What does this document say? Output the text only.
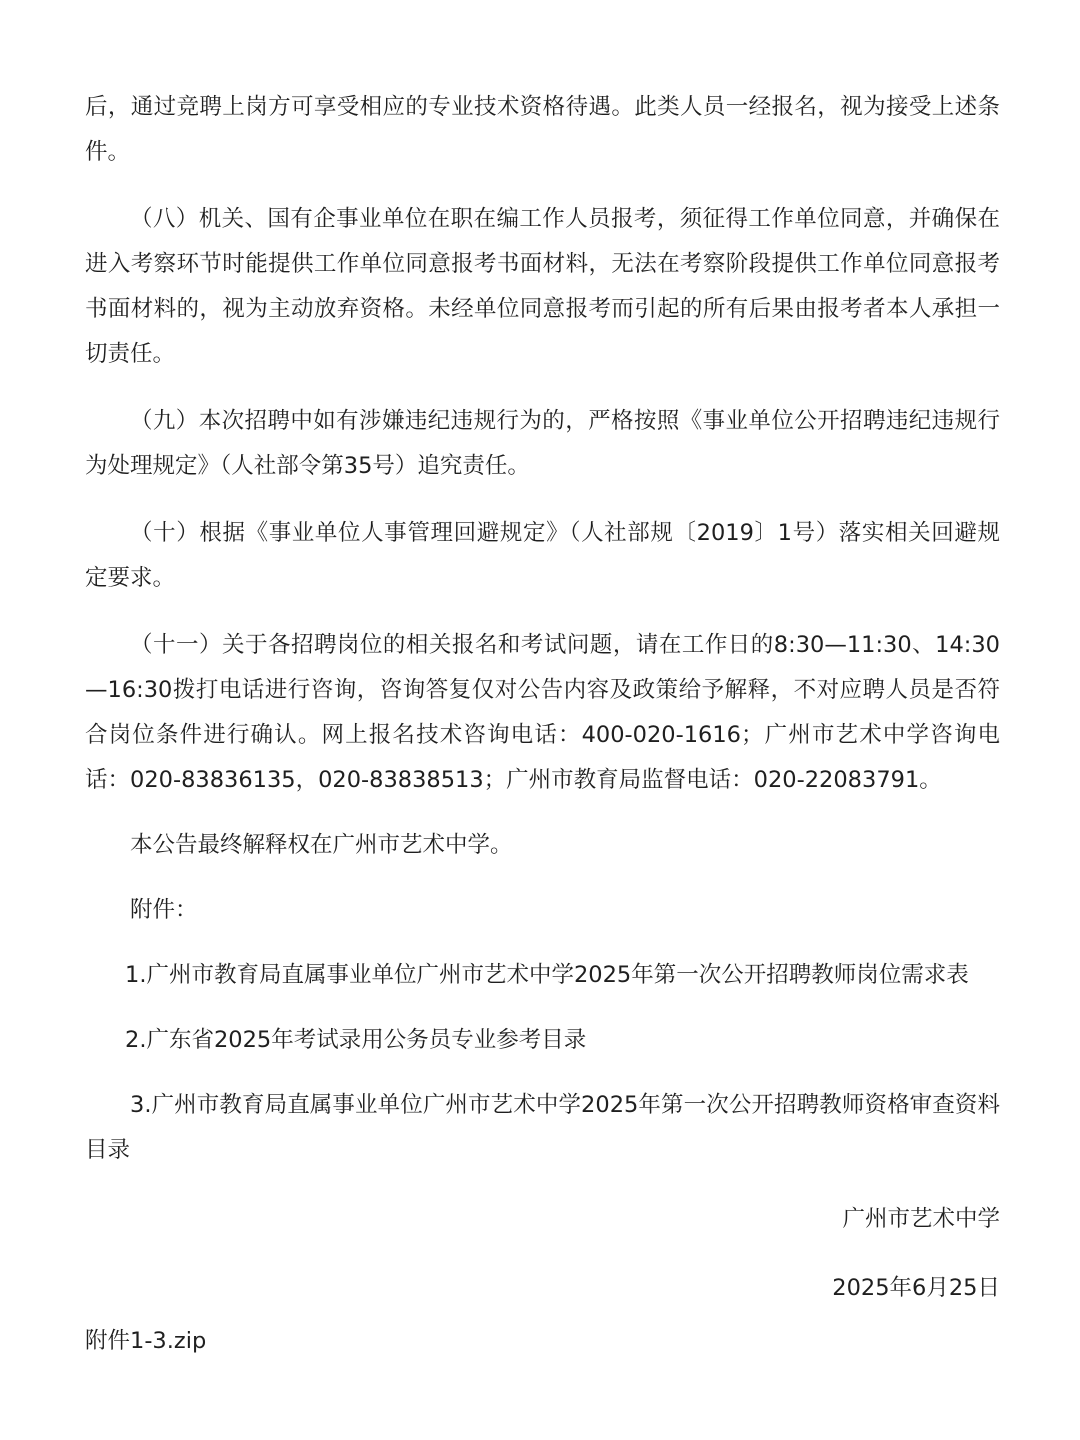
后，通过竞聘上岗方可享受相应的专业技术资格待遇。此类人员一经报名，视为接受上述条件。

（八）机关、国有企事业单位在职在编工作人员报考，须征得工作单位同意，并确保在进入考察环节时能提供工作单位同意报考书面材料，无法在考察阶段提供工作单位同意报考书面材料的，视为主动放弃资格。未经单位同意报考而引起的所有后果由报考者本人承担一切责任。

（九）本次招聘中如有涉嫌违纪违规行为的，严格按照《事业单位公开招聘违纪违规行为处理规定》（人社部令第35号）追究责任。

（十）根据《事业单位人事管理回避规定》（人社部规〔2019〕1号）落实相关回避规定要求。

（十一）关于各招聘岗位的相关报名和考试问题，请在工作日的8:30—11:30、14:30—16:30拨打电话进行咨询，咨询答复仅对公告内容及政策给予解释，不对应聘人员是否符合岗位条件进行确认。网上报名技术咨询电话：400-020-1616；广州市艺术中学咨询电话：020-83836135，020-83838513；广州市教育局监督电话：020-22083791。

本公告最终解释权在广州市艺术中学。

附件：

1.广州市教育局直属事业单位广州市艺术中学2025年第一次公开招聘教师岗位需求表

2.广东省2025年考试录用公务员专业参考目录

3.广州市教育局直属事业单位广州市艺术中学2025年第一次公开招聘教师资格审查资料目录

广州市艺术中学

2025年6月25日

附件1-3.zip
